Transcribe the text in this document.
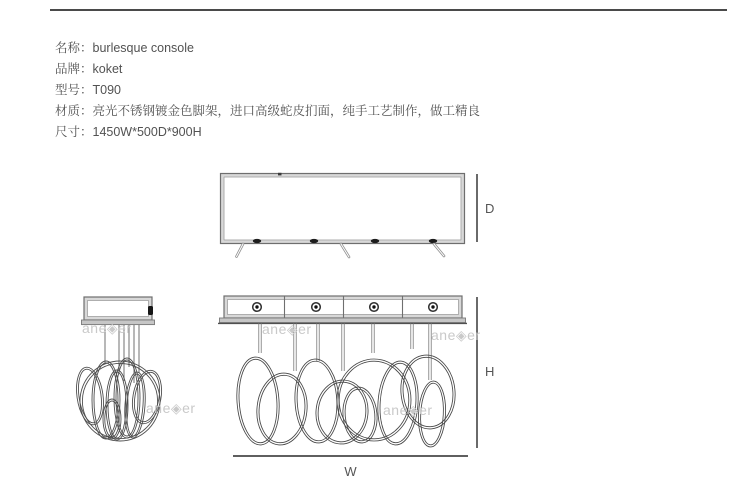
名称：burlesque console
品牌：koket
型号：T090
材质：亮光不锈钢镀金色脚架，进口高级蛇皮扪面，纯手工艺制作，做工精良
尺寸：1450W*500D*900H
D
H
W
ane◈er	ane◈er	ane◈er
ane◈er	ane◈er
